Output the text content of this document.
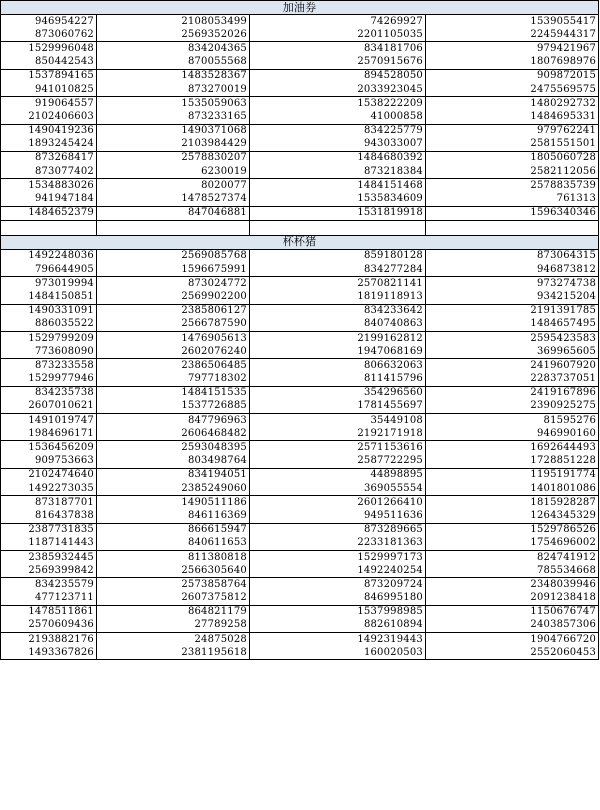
加油券			
946954227	2108053499	74269927	1539055417
873060762	2569352026	2201105035	2245944317
1529996048	834204365	834181706	979421967
850442543	870055568	2570915676	1807698976
1537894165	1483528367	894528050	909872015
941010825	873270019	2033923045	2475569575
919064557	1535059063	1538222209	1480292732
2102406603	873233165	41000858	1484695331
1490419236	1490371068	834225779	979762241
1893245424	2103984429	943033007	2581551501
873268417	2578830207	1484680392	1805060728
873077402	6230019	873218384	2582112056
1534883026	8020077	1484151468	2578835739
941947184	1478527374	1535834609	761313
1484652379	847046881	1531819918	1596340346

杯杯猪			
1492248036	2569085768	859180128	873064315
796644905	1596675991	834277284	946873812
973019994	873024772	2570821141	973274738
1484150851	2569902200	1819118913	934215204
1490331091	2385806127	834233642	2191391785
886035522	2566787590	840740863	1484657495
1529799209	1476905613	2199162812	2595423583
773608090	2602076240	1947068169	369965605
873233558	2386506485	806632063	2419607920
1529977946	797718302	811415796	2283737051
834235738	1484151535	354296560	2419167896
2607010621	1537726885	1781455697	2390925275
1491019747	847796963	35449108	81595276
1984696171	2606468482	2192171918	946990160
1536456209	2593048395	2571153616	1692644493
909753663	803498764	2587722295	1728851228
2102474640	834194051	44898895	1195191774
1492273035	2385249060	369055554	1401801086
873187701	1490511186	2601266410	1815928287
816437838	846116369	949511636	1264345329
2387731835	866615947	873289665	1529786526
1187141443	840611653	2233181363	1754696002
2385932445	811380818	1529997173	824741912
2569399842	2566305640	1492240254	785534668
834235579	2573858764	873209724	2348039946
477123711	2607375812	846995180	2091238418
1478511861	864821179	1537998985	1150676747
2570609436	27789258	882610894	2403857306
2193882176	24875028	1492319443	1904766720
1493367826	2381195618	160020503	2552060453
